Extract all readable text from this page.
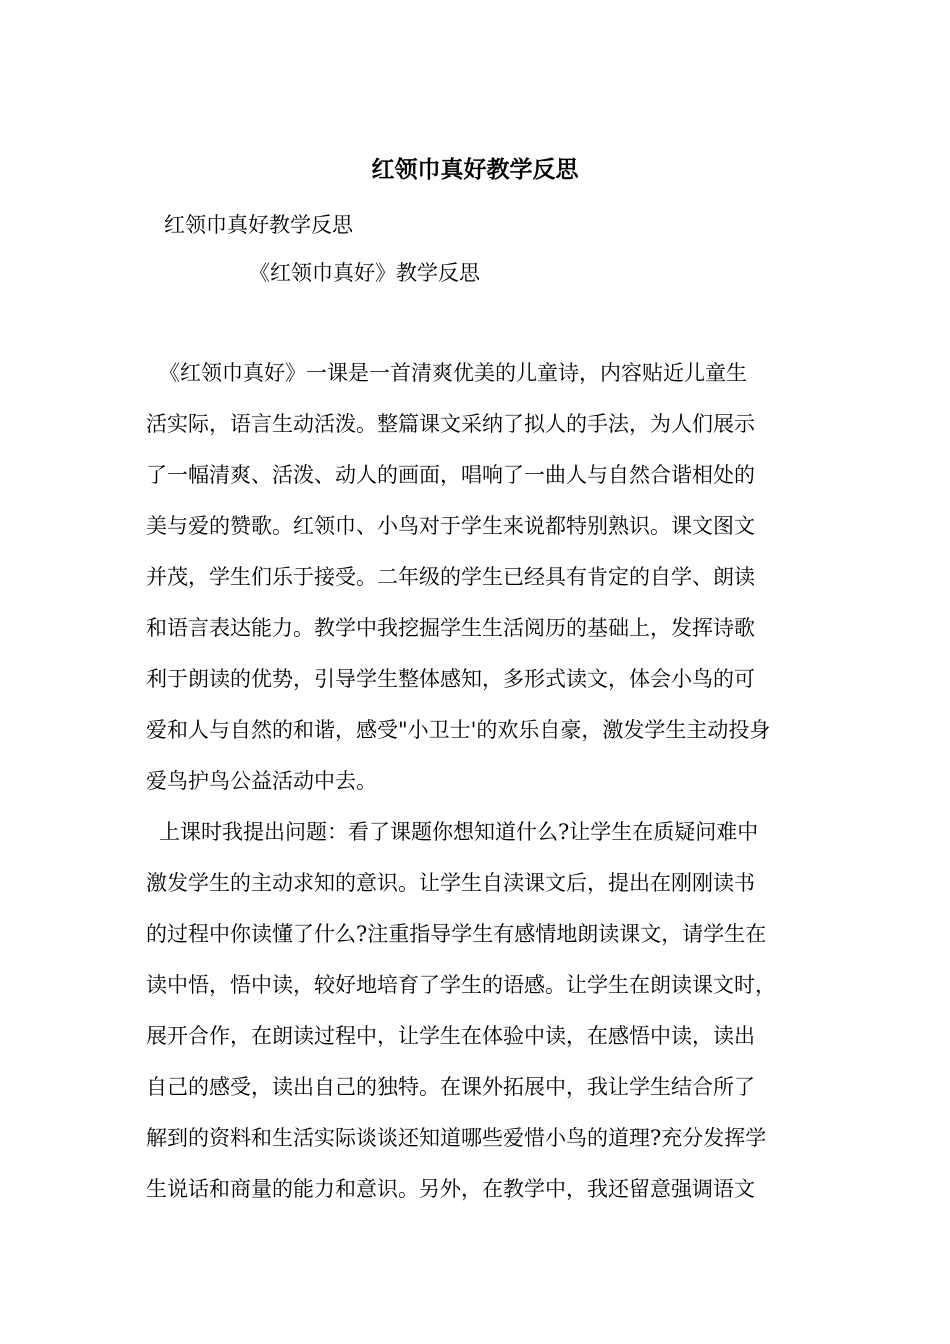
红领巾真好教学反思
红领巾真好教学反思
《红领巾真好》教学反思
《红领巾真好》一课是一首清爽优美的儿童诗，内容贴近儿童生
活实际，语言生动活泼。整篇课文采纳了拟人的手法，为人们展示
了一幅清爽、活泼、动人的画面，唱响了一曲人与自然合谐相处的
美与爱的赞歌。红领巾、小鸟对于学生来说都特别熟识。课文图文
并茂，学生们乐于接受。二年级的学生已经具有肯定的自学、朗读
和语言表达能力。教学中我挖掘学生生活阅历的基础上，发挥诗歌
利于朗读的优势，引导学生整体感知，多形式读文，体会小鸟的可
爱和人与自然的和谐，感受"小卫士'的欢乐自豪，激发学生主动投身
爱鸟护鸟公益活动中去。
上课时我提出问题：看了课题你想知道什么?让学生在质疑问难中
激发学生的主动求知的意识。让学生自渎课文后，提出在刚刚读书
的过程中你读懂了什么?注重指导学生有感情地朗读课文，请学生在
读中悟，悟中读，较好地培育了学生的语感。让学生在朗读课文时，
展开合作，在朗读过程中，让学生在体验中读，在感悟中读，读出
自己的感受，读出自己的独特。在课外拓展中，我让学生结合所了
解到的资料和生活实际谈谈还知道哪些爱惜小鸟的道理?充分发挥学
生说话和商量的能力和意识。另外，在教学中，我还留意强调语文
